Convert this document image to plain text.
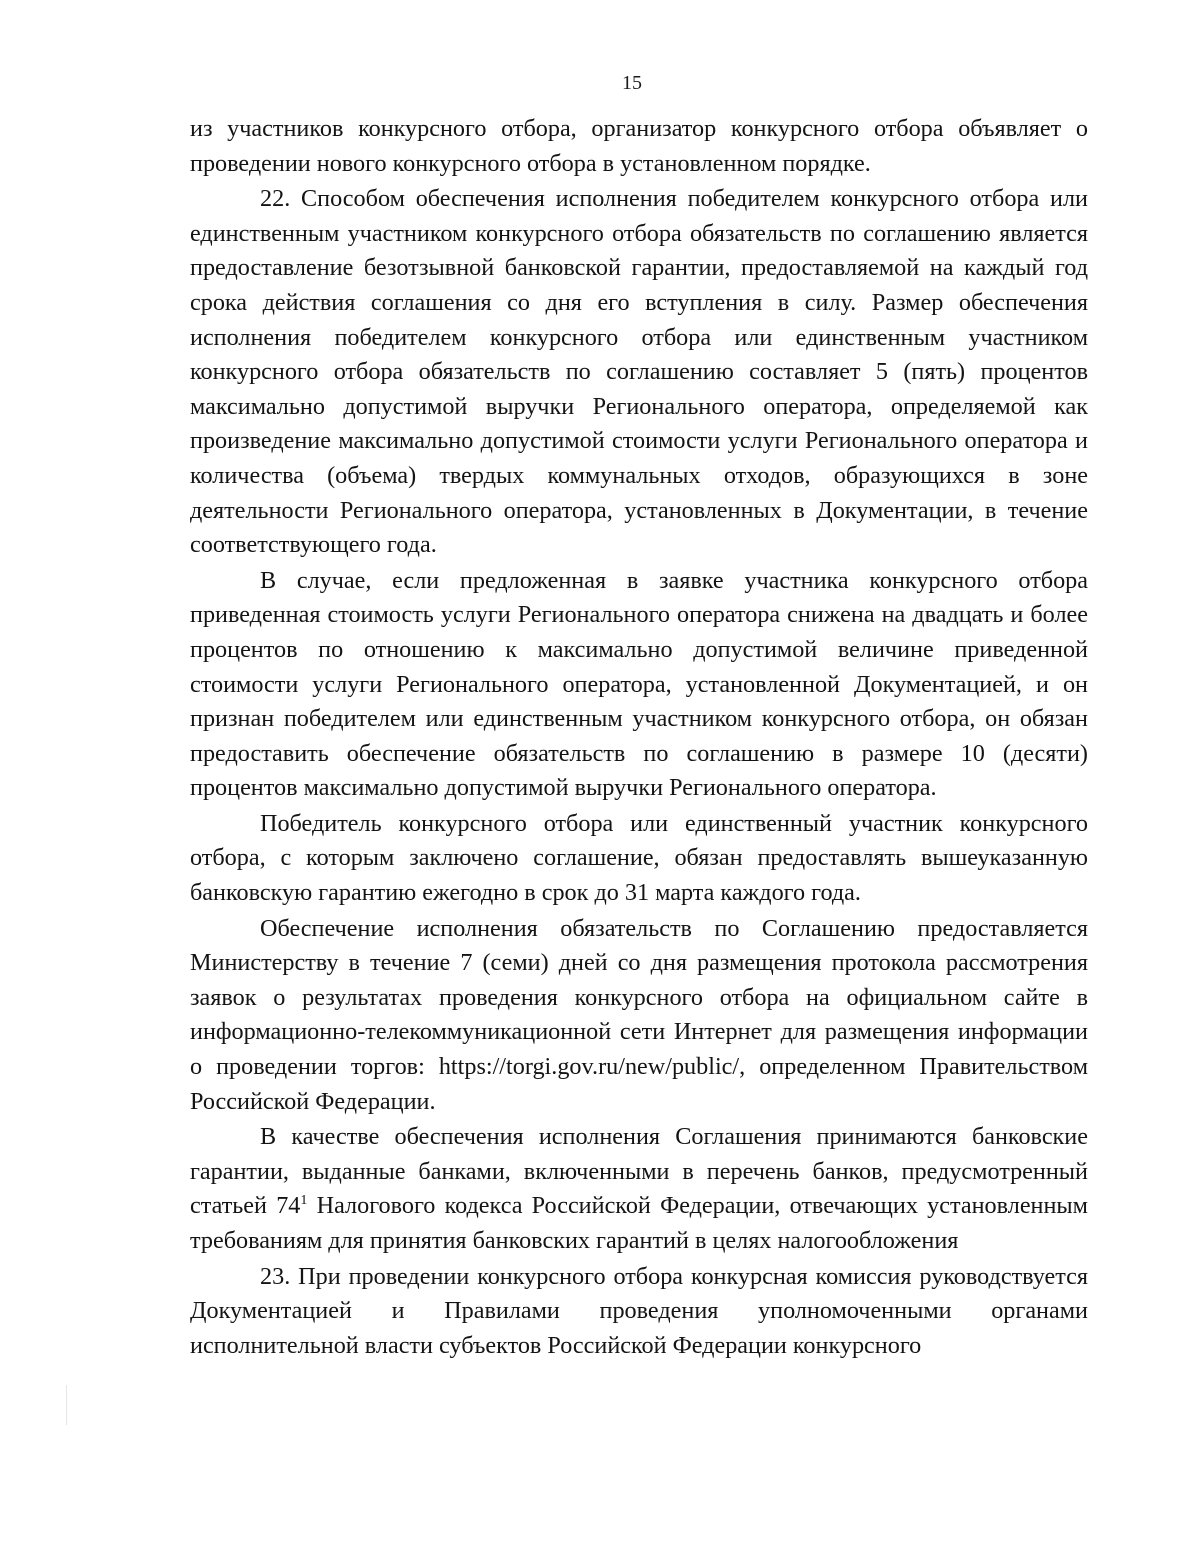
15

из участников конкурсного отбора, организатор конкурсного отбора объявляет о проведении нового конкурсного отбора в установленном порядке.

22. Способом обеспечения исполнения победителем конкурсного отбора или единственным участником конкурсного отбора обязательств по соглашению является предоставление безотзывной банковской гарантии, предоставляемой на каждый год срока действия соглашения со дня его вступления в силу. Размер обеспечения исполнения победителем конкурсного отбора или единственным участником конкурсного отбора обязательств по соглашению составляет 5 (пять) процентов максимально допустимой выручки Регионального оператора, определяемой как произведение максимально допустимой стоимости услуги Регионального оператора и количества (объема) твердых коммунальных отходов, образующихся в зоне деятельности Регионального оператора, установленных в Документации, в течение соответствующего года.

В случае, если предложенная в заявке участника конкурсного отбора приведенная стоимость услуги Регионального оператора снижена на двадцать и более процентов по отношению к максимально допустимой величине приведенной стоимости услуги Регионального оператора, установленной Документацией, и он признан победителем или единственным участником конкурсного отбора, он обязан предоставить обеспечение обязательств по соглашению в размере 10 (десяти) процентов максимально допустимой выручки Регионального оператора.

Победитель конкурсного отбора или единственный участник конкурсного отбора, с которым заключено соглашение, обязан предоставлять вышеуказанную банковскую гарантию ежегодно в срок до 31 марта каждого года.

Обеспечение исполнения обязательств по Соглашению предоставляется Министерству в течение 7 (семи) дней со дня размещения протокола рассмотрения заявок о результатах проведения конкурсного отбора на официальном сайте в информационно-телекоммуникационной сети Интернет для размещения информации о проведении торгов: https://torgi.gov.ru/new/public/, определенном Правительством Российской Федерации.

В качестве обеспечения исполнения Соглашения принимаются банковские гарантии, выданные банками, включенными в перечень банков, предусмотренный статьей $74^1$ Налогового кодекса Российской Федерации, отвечающих установленным требованиям для принятия банковских гарантий в целях налогообложения

23. При проведении конкурсного отбора конкурсная комиссия руководствуется Документацией и Правилами проведения уполномоченными органами исполнительной власти субъектов Российской Федерации конкурсного
